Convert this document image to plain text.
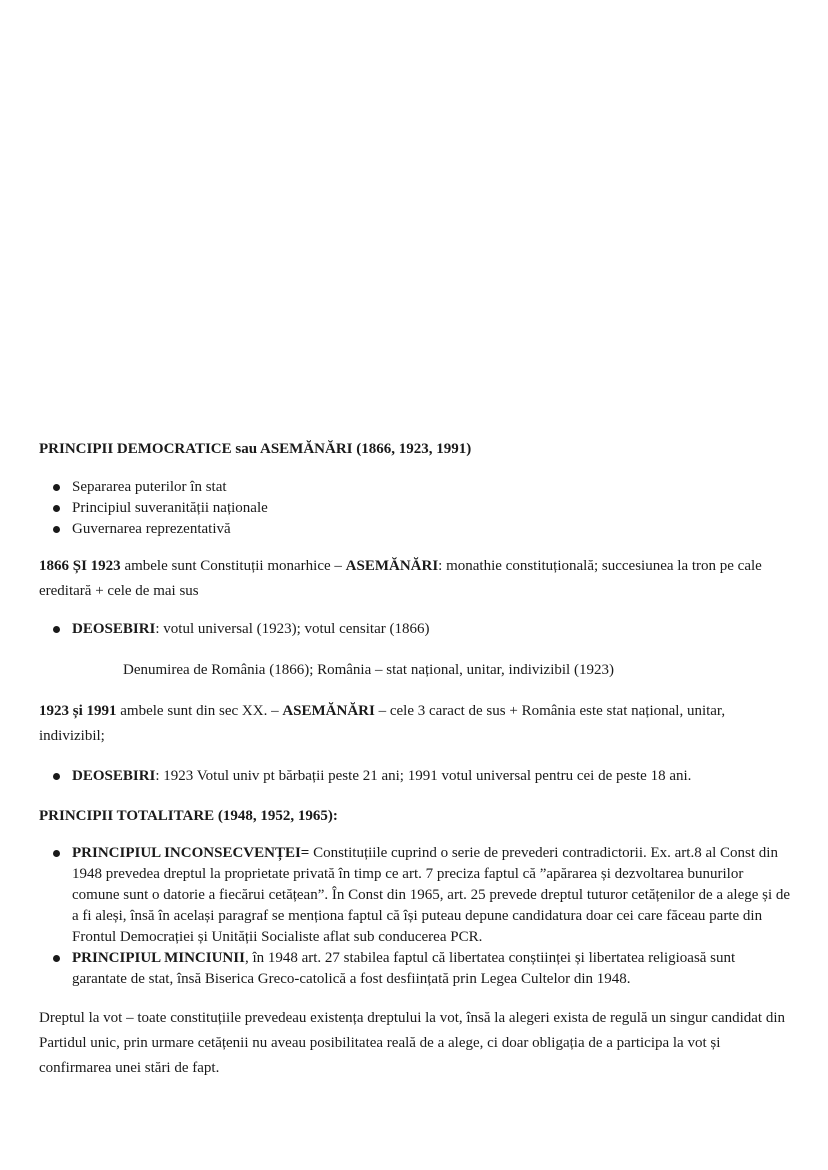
PRINCIPII DEMOCRATICE sau ASEMĂNĂRI (1866, 1923, 1991)

Separarea puterilor în stat
Principiul suveranității naționale
Guvernarea reprezentativă

1866 ȘI 1923 ambele sunt Constituții monarhice – ASEMĂNĂRI: monathie constituțională; succesiunea la tron pe cale ereditară + cele de mai sus

DEOSEBIRI: votul universal (1923); votul censitar (1866)

Denumirea de România (1866); România – stat național, unitar, indivizibil (1923)

1923 și 1991 ambele sunt din sec XX. – ASEMĂNĂRI – cele 3 caract de sus + România este stat național, unitar, indivizibil;

DEOSEBIRI: 1923 Votul univ pt bărbații peste 21 ani; 1991 votul universal pentru cei de peste 18 ani.

PRINCIPII TOTALITARE (1948, 1952, 1965):

PRINCIPIUL INCONSECVENȚEI= Constituțiile cuprind o serie de prevederi contradictorii. Ex. art.8 al Const din 1948 prevedea dreptul la proprietate privată în timp ce art. 7 preciza faptul că ”apărarea și dezvoltarea bunurilor comune sunt o datorie a fiecărui cetățean”. În Const din 1965, art. 25 prevede dreptul tuturor cetățenilor de a alege și de a fi aleși, însă în același paragraf se menționa faptul că își puteau depune candidatura doar cei care făceau parte din Frontul Democrației și Unității Socialiste aflat sub conducerea PCR.
PRINCIPIUL MINCIUNII, în 1948 art. 27 stabilea faptul că libertatea conștiinței și libertatea religioasă sunt garantate de stat, însă Biserica Greco-catolică a fost desființată prin Legea Cultelor din 1948.

Dreptul la vot – toate constituțiile prevedeau existența dreptului la vot, însă la alegeri exista de regulă un singur candidat din Partidul unic, prin urmare cetățenii nu aveau posibilitatea reală de a alege, ci doar obligația de a participa la vot și confirmarea unei stări de fapt.
